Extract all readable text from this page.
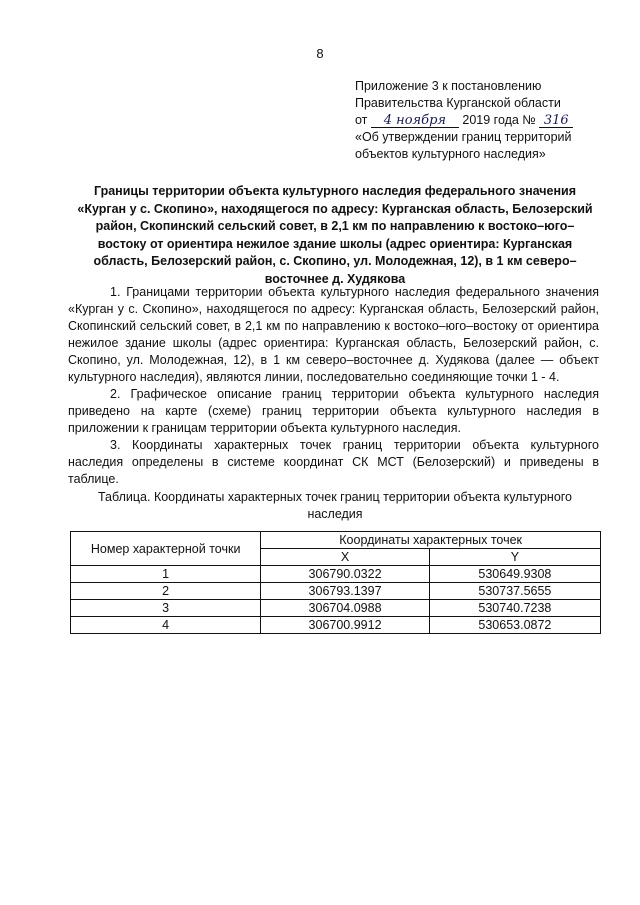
8
Приложение 3 к постановлению
Правительства Курганской области
от 4 ноября 2019 года № 316
«Об утверждении границ территорий
объектов культурного наследия»
Границы территории объекта культурного наследия федерального значения «Курган у с. Скопино», находящегося по адресу: Курганская область, Белозерский район, Скопинский сельский совет, в 2,1 км по направлению к востоко–юго–востоку от ориентира нежилое здание школы (адрес ориентира: Курганская область, Белозерский район, с. Скопино, ул. Молодежная, 12), в 1 км северо–восточнее д. Худякова

1. Границами территории объекта культурного наследия федерального значения «Курган у с. Скопино», находящегося по адресу: Курганская область, Белозерский район, Скопинский сельский совет, в 2,1 км по направлению к востоко–юго–востоку от ориентира нежилое здание школы (адрес ориентира: Курганская область, Белозерский район, с. Скопино, ул. Молодежная, 12), в 1 км северо–восточнее д. Худякова (далее — объект культурного наследия), являются линии, последовательно соединяющие точки 1 - 4.

2. Графическое описание границ территории объекта культурного наследия приведено на карте (схеме) границ территории объекта культурного наследия в приложении к границам территории объекта культурного наследия.

3. Координаты характерных точек границ территории объекта культурного наследия определены в системе координат СК МСТ (Белозерский) и приведены в таблице.

Таблица. Координаты характерных точек границ территории объекта культурного наследия
Номер характерной точки	Координаты характерных точек	
	X	Y
1	306790.0322	530649.9308
2	306793.1397	530737.5655
3	306704.0988	530740.7238
4	306700.9912	530653.0872
